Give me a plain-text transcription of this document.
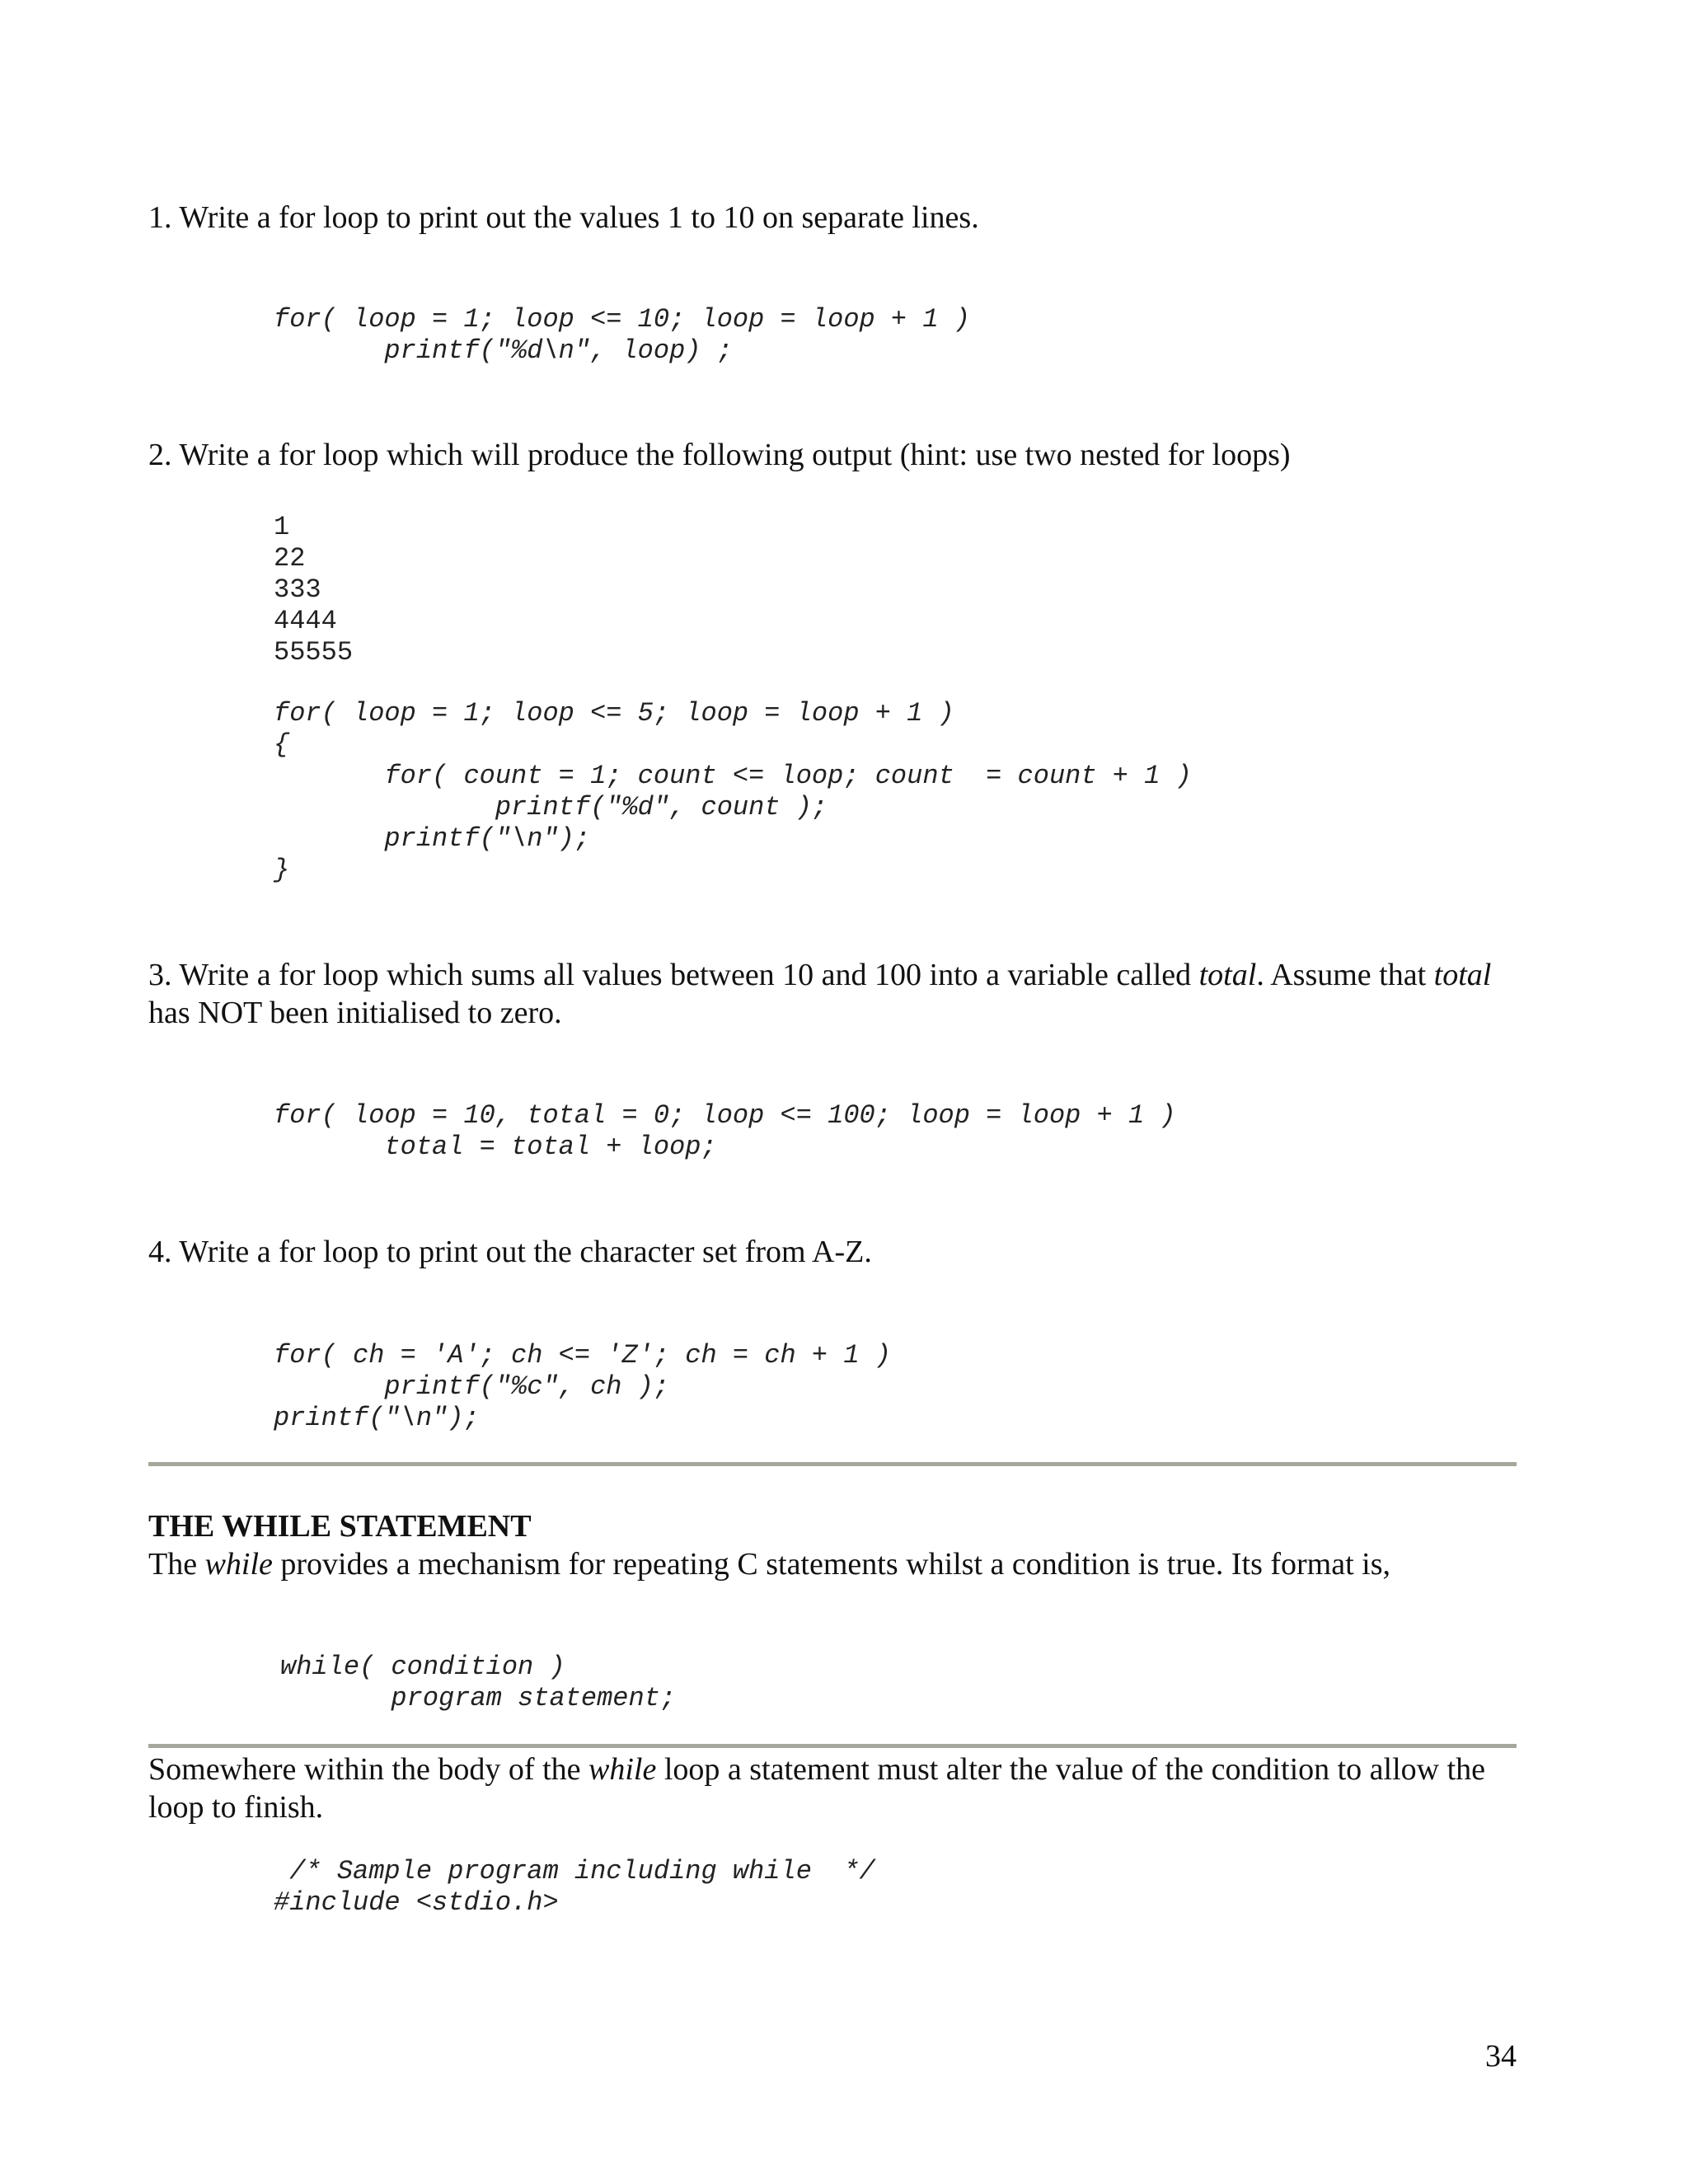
1. Write a for loop to print out the values 1 to 10 on separate lines.
for( loop = 1; loop <= 10; loop = loop + 1 )
printf("%d\n", loop) ;
2. Write a for loop which will produce the following output (hint: use two nested for loops)
1
22
333
4444
55555
for( loop = 1; loop <= 5; loop = loop + 1 )
{
for( count = 1; count <= loop; count  = count + 1 )
printf("%d", count );
printf("\n");
}
3. Write a for loop which sums all values between 10 and 100 into a variable called total. Assume that total has NOT been initialised to zero.
for( loop = 10, total = 0; loop <= 100; loop = loop + 1 )
total = total + loop;
4. Write a for loop to print out the character set from A-Z.
for( ch = 'A'; ch <= 'Z'; ch = ch + 1 )
printf("%c", ch );
printf("\n");
THE WHILE STATEMENT
The while provides a mechanism for repeating C statements whilst a condition is true. Its format is,
while( condition )
program statement;
Somewhere within the body of the while loop a statement must alter the value of the condition to allow the loop to finish.
/* Sample program including while  */
#include <stdio.h>
34
